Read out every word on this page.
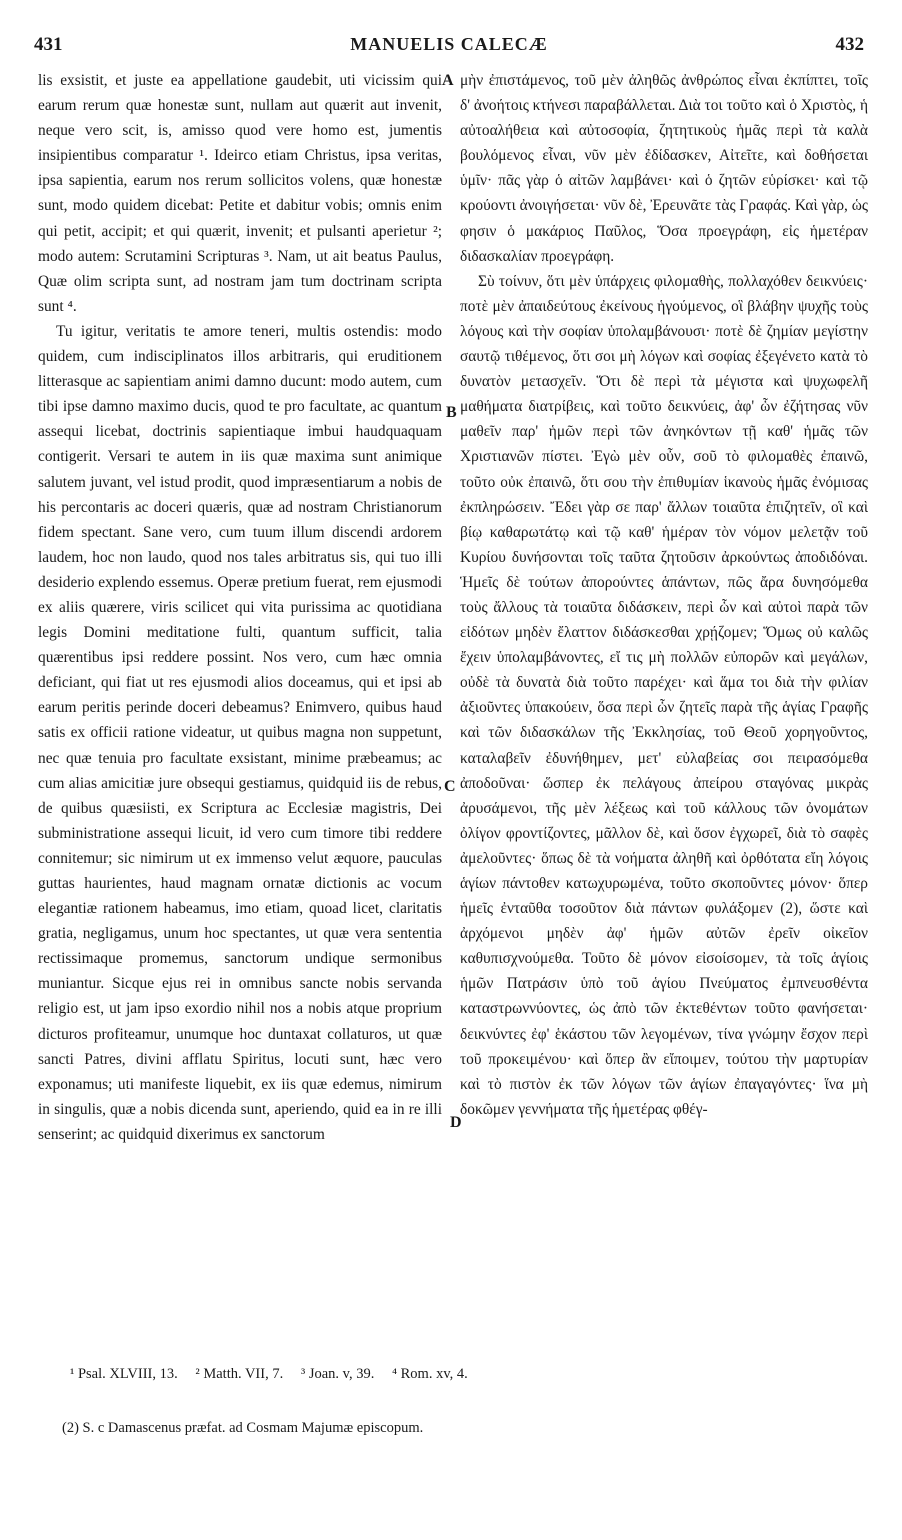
431	MANUELIS CALECÆ	432

lis exsistit, et juste ea appellatione gaudebit, uti vicissim qui earum rerum quæ honestæ sunt, nullam aut quærit aut invenit, neque vero scit, is, amisso quod vere homo est, jumentis insipientibus comparatur ¹. Ideirco etiam Christus, ipsa veritas, ipsa sapientia, earum nos rerum sollicitos volens, quæ honestæ sunt, modo quidem dicebat: Petite et dabitur vobis; omnis enim qui petit, accipit; et qui quærit, invenit; et pulsanti aperietur ²; modo autem: Scrutamini Scripturas ³. Nam, ut ait beatus Paulus, Quæ olim scripta sunt, ad nostram jam tum doctrinam scripta sunt ⁴.

Tu igitur, veritatis te amore teneri, multis ostendis: modo quidem, cum indisciplinatos illos arbitraris, qui eruditionem litterasque ac sapientiam animi damno ducunt: modo autem, cum tibi ipse damno maximo ducis, quod te pro facultate, ac quantum assequi licebat, doctrinis sapientiaque imbui haudquaquam contigerit. Versari te autem in iis quæ maxima sunt animique salutem juvant, vel istud prodit, quod impræsentiarum a nobis de his percontaris ac doceri quæris, quæ ad nostram Christianorum fidem spectant. Sane vero, cum tuum illum discendi ardorem laudem, hoc non laudo, quod nos tales arbitratus sis, qui tuo illi desiderio explendo essemus. Operæ pretium fuerat, rem ejusmodi ex aliis quærere, viris scilicet qui vita purissima ac quotidiana legis Domini meditatione fulti, quantum sufficit, talia quærentibus ipsi reddere possint. Nos vero, cum hæc omnia deficiant, qui fiat ut res ejusmodi alios doceamus, qui et ipsi ab earum peritis perinde doceri debeamus? Enimvero, quibus haud satis ex officii ratione videatur, ut quibus magna non suppetunt, nec quæ tenuia pro facultate exsistant, minime præbeamus; ac cum alias amicitiæ jure obsequi gestiamus, quidquid iis de rebus, de quibus quæsiisti, ex Scriptura ac Ecclesiæ magistris, Dei subministratione assequi licuit, id vero cum timore tibi reddere connitemur; sic nimirum ut ex immenso velut æquore, pauculas guttas haurientes, haud magnam ornatæ dictionis ac vocum elegantiæ rationem habeamus, imo etiam, quoad licet, claritatis gratia, negligamus, unum hoc spectantes, ut quæ vera sententia rectissimaque promemus, sanctorum undique sermonibus muniantur. Sicque ejus rei in omnibus sancte nobis servanda religio est, ut jam ipso exordio nihil nos a nobis atque proprium dicturos profiteamur, unumque hoc duntaxat collaturos, ut quæ sancti Patres, divini afflatu Spiritus, locuti sunt, hæc vero exponamus; uti manifeste liquebit, ex iis quæ edemus, nimirum in singulis, quæ a nobis dicenda sunt, aperiendo, quid ea in re illi senserint; ac quidquid dixerimus ex sanctorum

A
B
C
D

μὴν ἐπιστάμενος, τοῦ μὲν ἀληθῶς ἀνθρώπος εἶναι ἐκπίπτει, τοῖς δ' ἀνοήτοις κτήνεσι παραβάλλεται. Διὰ τοι τοῦτο καὶ ὁ Χριστὸς, ἡ αὐτοαλήθεια καὶ αὐτοσοφία, ζητητικοὺς ἡμᾶς περὶ τὰ καλὰ βουλόμενος εἶναι, νῦν μὲν ἐδίδασκεν, Αἰτεῖτε, καὶ δοθήσεται ὑμῖν· πᾶς γὰρ ὁ αἰτῶν λαμβάνει· καὶ ὁ ζητῶν εὑρίσκει· καὶ τῷ κρούοντι ἀνοιγήσεται· νῦν δὲ, Ἐρευνᾶτε τὰς Γραφάς. Καὶ γὰρ, ὡς φησιν ὁ μακάριος Παῦλος, Ὅσα προεγράφη, εἰς ἡμετέραν διδασκαλίαν προεγράφη.

Σὺ τοίνυν, ὅτι μὲν ὑπάρχεις φιλομαθὴς, πολλαχόθεν δεικνύεις· ποτὲ μὲν ἀπαιδεύτους ἐκείνους ἡγούμενος, οἳ βλάβην ψυχῆς τοὺς λόγους καὶ τὴν σοφίαν ὑπολαμβάνουσι· ποτὲ δὲ ζημίαν μεγίστην σαυτῷ τιθέμενος, ὅτι σοι μὴ λόγων καὶ σοφίας ἐξεγένετο κατὰ τὸ δυνατὸν μετασχεῖν. Ὅτι δὲ περὶ τὰ μέγιστα καὶ ψυχωφελῆ μαθήματα διατρίβεις, καὶ τοῦτο δεικνύεις, ἀφ' ὧν ἐζήτησας νῦν μαθεῖν παρ' ἡμῶν περὶ τῶν ἀνηκόντων τῇ καθ' ἡμᾶς τῶν Χριστιανῶν πίστει. Ἐγὼ μὲν οὖν, σοῦ τὸ φιλομαθὲς ἐπαινῶ, τοῦτο οὐκ ἐπαινῶ, ὅτι σου τὴν ἐπιθυμίαν ἱκανοὺς ἡμᾶς ἐνόμισας ἐκπληρώσειν. Ἔδει γὰρ σε παρ' ἄλλων τοιαῦτα ἐπιζητεῖν, οἳ καὶ βίῳ καθαρωτάτῳ καὶ τῷ καθ' ἡμέραν τὸν νόμον μελετᾷν τοῦ Κυρίου δυνήσονται τοῖς ταῦτα ζητοῦσιν ἀρκούντως ἀποδιδόναι. Ἡμεῖς δὲ τούτων ἀπορούντες ἁπάντων, πῶς ἄρα δυνησόμεθα τοὺς ἄλλους τὰ τοιαῦτα διδάσκειν, περὶ ὧν καὶ αὐτοὶ παρὰ τῶν εἰδότων μηδὲν ἔλαττον διδάσκεσθαι χρῄζομεν; Ὅμως οὐ καλῶς ἔχειν ὑπολαμβάνοντες, εἴ τις μὴ πολλῶν εὐπορῶν καὶ μεγάλων, οὐδὲ τὰ δυνατὰ διὰ τοῦτο παρέχει· καὶ ἅμα τοι διὰ τὴν φιλίαν ἀξιοῦντες ὑπακούειν, ὅσα περὶ ὧν ζητεῖς παρὰ τῆς ἁγίας Γραφῆς καὶ τῶν διδασκάλων τῆς Ἐκκλησίας, τοῦ Θεοῦ χορηγοῦντος, καταλαβεῖν ἐδυνήθημεν, μετ' εὐλαβείας σοι πειρασόμεθα ἀποδοῦναι· ὥσπερ ἐκ πελάγους ἀπείρου σταγόνας μικρὰς ἀρυσάμενοι, τῆς μὲν λέξεως καὶ τοῦ κάλλους τῶν ὀνομάτων ὀλίγον φροντίζοντες, μᾶλλον δὲ, καὶ ὅσον ἐγχωρεῖ, διὰ τὸ σαφὲς ἀμελοῦντες· ὅπως δὲ τὰ νοήματα ἀληθῆ καὶ ὀρθότατα εἴη λόγοις ἁγίων πάντοθεν κατωχυρωμένα, τοῦτο σκοποῦντες μόνον· ὅπερ ἡμεῖς ἐνταῦθα τοσοῦτον διὰ πάντων φυλάξομεν (2), ὥστε καὶ ἀρχόμενοι μηδὲν ἀφ' ἡμῶν αὐτῶν ἐρεῖν οἰκεῖον καθυπισχνούμεθα. Τοῦτο δὲ μόνον εἰσοίσομεν, τὰ τοῖς ἁγίοις ἡμῶν Πατράσιν ὑπὸ τοῦ ἁγίου Πνεύματος ἐμπνευσθέντα καταστρωννύοντες, ὡς ἀπὸ τῶν ἐκτεθέντων τοῦτο φανήσεται· δεικνύντες ἐφ' ἑκάστου τῶν λεγομένων, τίνα γνώμην ἔσχον περὶ τοῦ προκειμένου· καὶ ὅπερ ἂν εἴποιμεν, τούτου τὴν μαρτυρίαν καὶ τὸ πιστὸν ἐκ τῶν λόγων τῶν ἁγίων ἐπαγαγόντες· ἵνα μὴ δοκῶμεν γεννήματα τῆς ἡμετέρας φθέγ-

¹ Psal. XLVIII, 13. ² Matth. VII, 7. ³ Joan. v, 39. ⁴ Rom. xv, 4.
(2) S. c Damascenus præfat. ad Cosmam Majumæ episcopum.
